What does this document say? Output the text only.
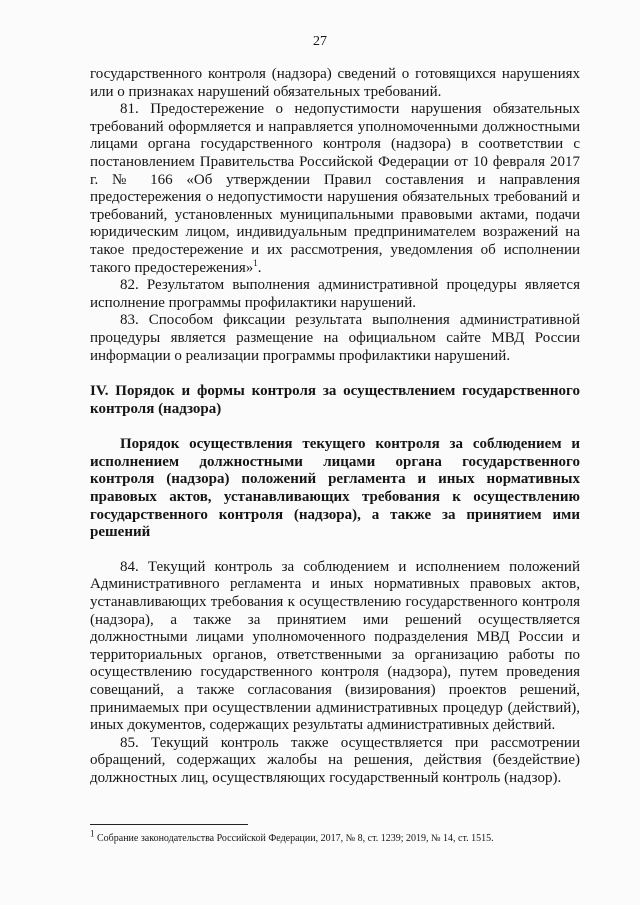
27

государственного контроля (надзора) сведений о готовящихся нарушениях или о признаках нарушений обязательных требований.

81. Предостережение о недопустимости нарушения обязательных требований оформляется и направляется уполномоченными должностными лицами органа государственного контроля (надзора) в соответствии с постановлением Правительства Российской Федерации от 10 февраля 2017 г. № 166 «Об утверждении Правил составления и направления предостережения о недопустимости нарушения обязательных требований и требований, установленных муниципальными правовыми актами, подачи юридическим лицом, индивидуальным предпринимателем возражений на такое предостережение и их рассмотрения, уведомления об исполнении такого предостережения»$^1$.

82. Результатом выполнения административной процедуры является исполнение программы профилактики нарушений.

83. Способом фиксации результата выполнения административной процедуры является размещение на официальном сайте МВД России информации о реализации программы профилактики нарушений.

IV. Порядок и формы контроля за осуществлением государственного контроля (надзора)
Порядок осуществления текущего контроля за соблюдением и исполнением должностными лицами органа государственного контроля (надзора) положений регламента и иных нормативных правовых актов, устанавливающих требования к осуществлению государственного контроля (надзора), а также за принятием ими решений

84. Текущий контроль за соблюдением и исполнением положений Административного регламента и иных нормативных правовых актов, устанавливающих требования к осуществлению государственного контроля (надзора), а также за принятием ими решений осуществляется должностными лицами уполномоченного подразделения МВД России и территориальных органов, ответственными за организацию работы по осуществлению государственного контроля (надзора), путем проведения совещаний, а также согласования (визирования) проектов решений, принимаемых при осуществлении административных процедур (действий), иных документов, содержащих результаты административных действий.

85. Текущий контроль также осуществляется при рассмотрении обращений, содержащих жалобы на решения, действия (бездействие) должностных лиц, осуществляющих государственный контроль (надзор).

$^1$ Собрание законодательства Российской Федерации, 2017, № 8, ст. 1239; 2019, № 14, ст. 1515.
